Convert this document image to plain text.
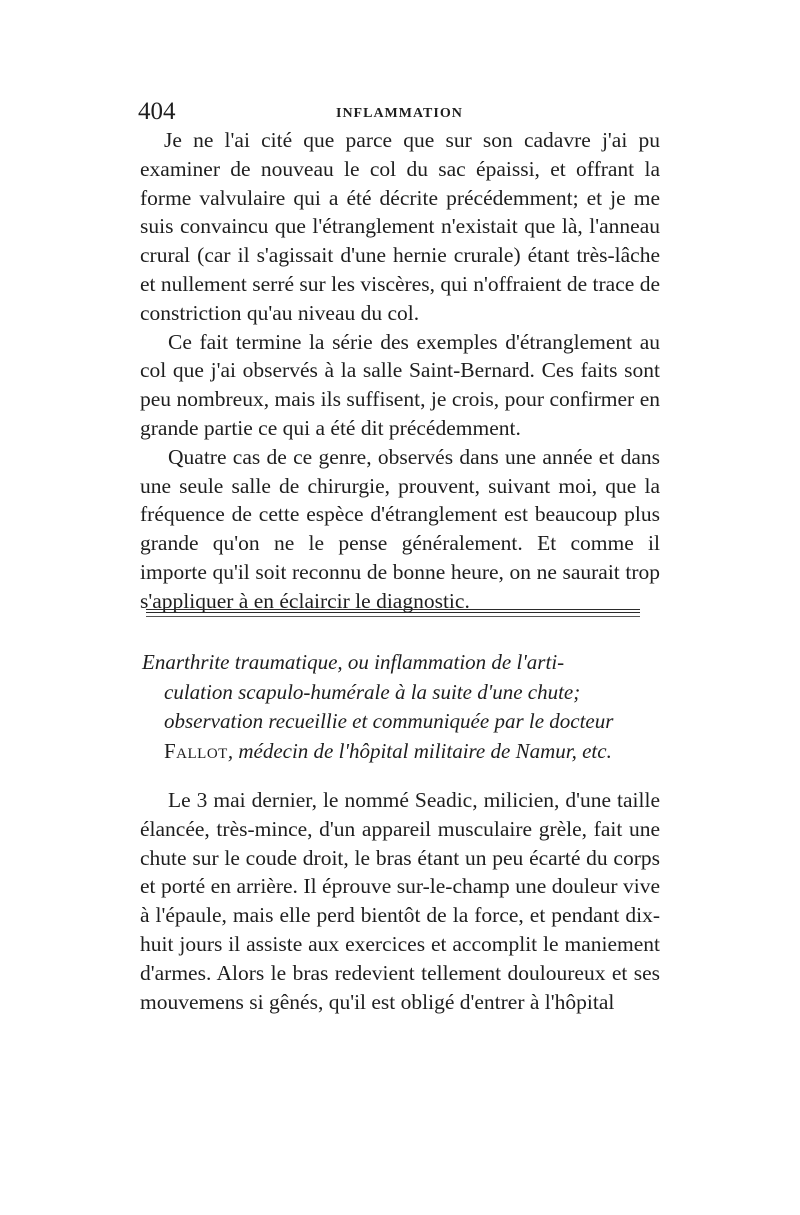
404	INFLAMMATION

Je ne l'ai cité que parce que sur son cadavre j'ai pu examiner de nouveau le col du sac épaissi, et offrant la forme valvulaire qui a été décrite précédemment; et je me suis convaincu que l'étranglement n'existait que là, l'anneau crural (car il s'agissait d'une hernie crurale) étant très-lâche et nullement serré sur les viscères, qui n'offraient de trace de constriction qu'au niveau du col.

Ce fait termine la série des exemples d'étranglement au col que j'ai observés à la salle Saint-Bernard. Ces faits sont peu nombreux, mais ils suffisent, je crois, pour confirmer en grande partie ce qui a été dit précédemment.

Quatre cas de ce genre, observés dans une année et dans une seule salle de chirurgie, prouvent, suivant moi, que la fréquence de cette espèce d'étranglement est beaucoup plus grande qu'on ne le pense généralement. Et comme il importe qu'il soit reconnu de bonne heure, on ne saurait trop s'appliquer à en éclaircir le diagnostic.

Enarthrite traumatique, ou inflammation de l'arti-
culation scapulo-humérale à la suite d'une chute;
observation recueillie et communiquée par le docteur
Fallot, médecin de l'hôpital militaire de Namur, etc.

Le 3 mai dernier, le nommé Seadic, milicien, d'une taille élancée, très-mince, d'un appareil musculaire grèle, fait une chute sur le coude droit, le bras étant un peu écarté du corps et porté en arrière. Il éprouve sur-le-champ une douleur vive à l'épaule, mais elle perd bientôt de la force, et pendant dix-huit jours il assiste aux exercices et accomplit le maniement d'armes. Alors le bras redevient tellement douloureux et ses mouvemens si gênés, qu'il est obligé d'entrer à l'hôpital
